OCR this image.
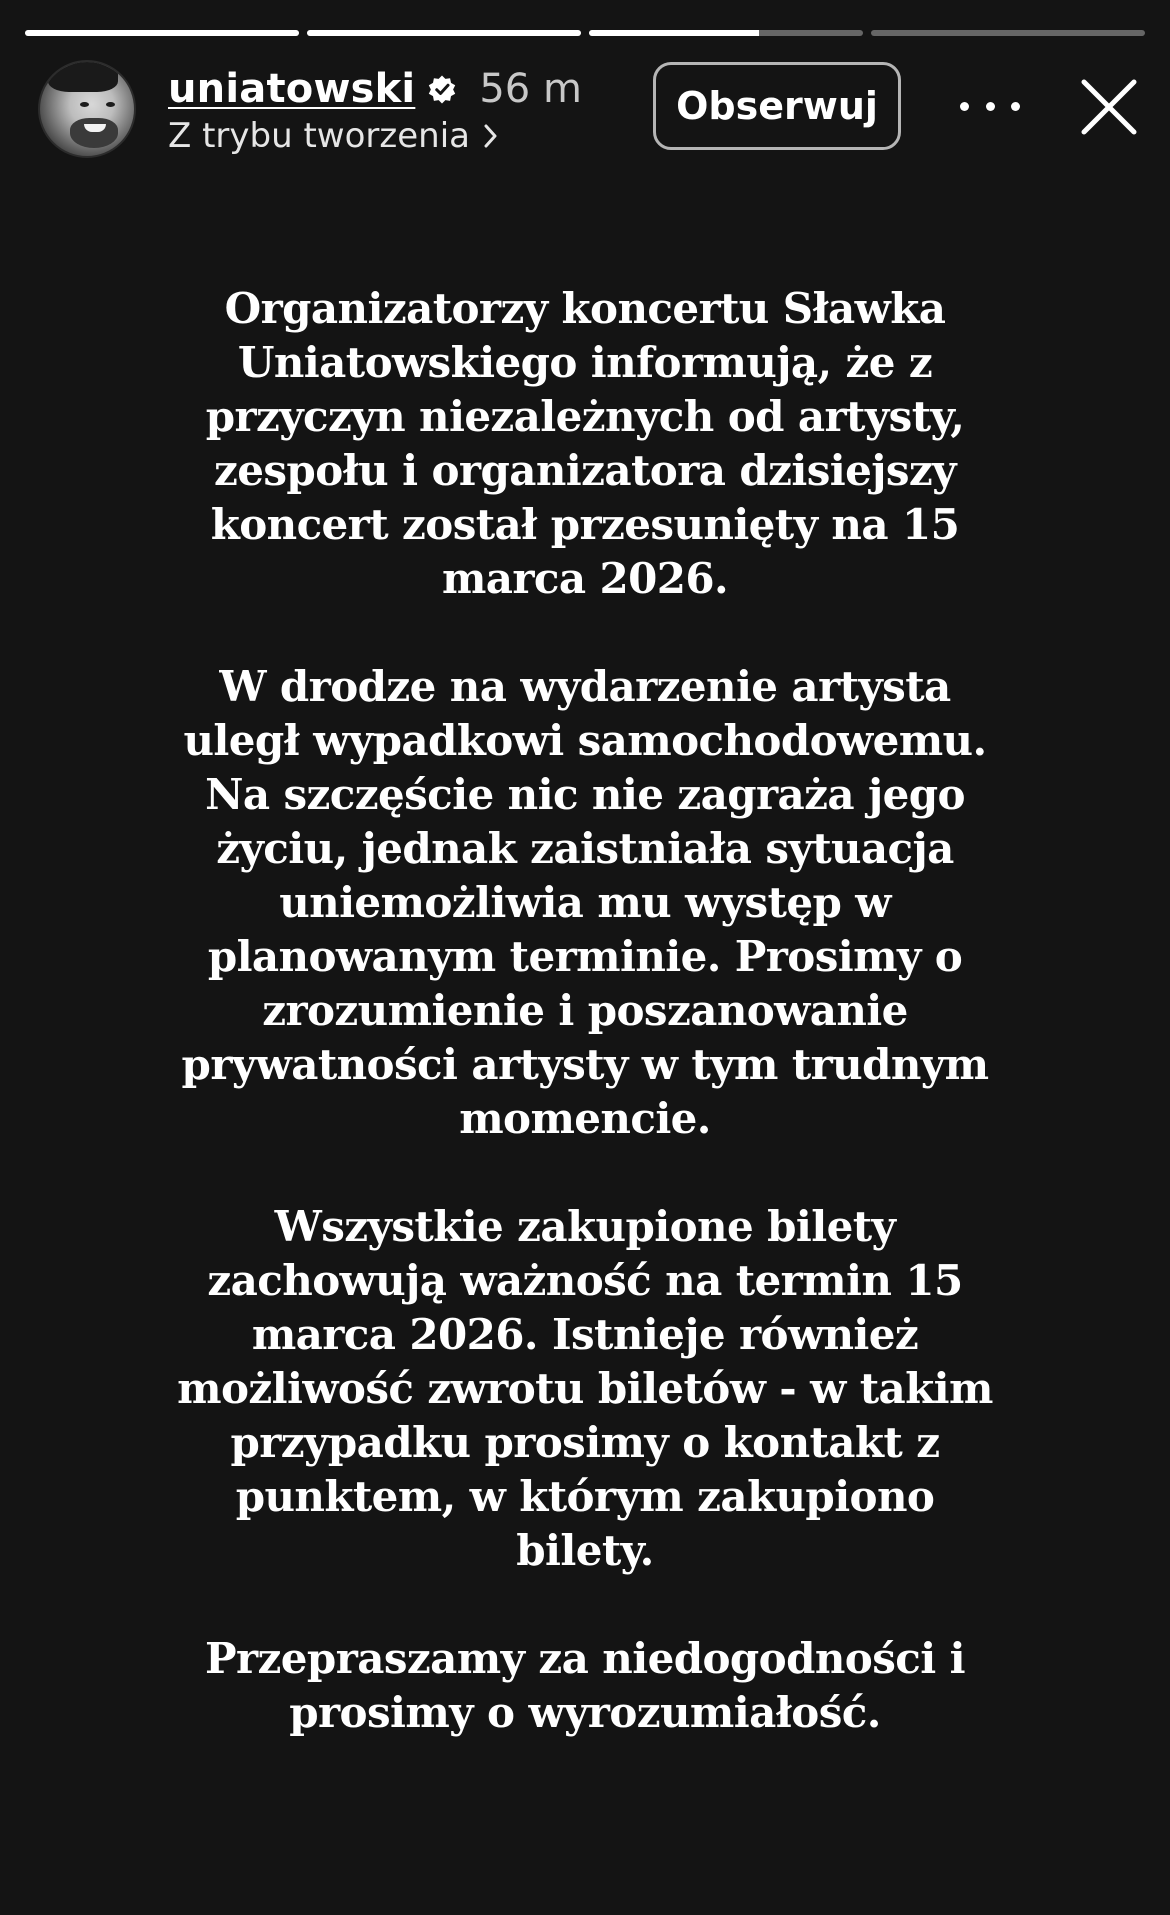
uniatowski 56 m
Z trybu tworzenia
Obserwuj

Organizatorzy koncertu Sławka Uniatowskiego informują, że z przyczyn niezależnych od artysty, zespołu i organizatora dzisiejszy koncert został przesunięty na 15 marca 2026.

W drodze na wydarzenie artysta uległ wypadkowi samochodowemu. Na szczęście nic nie zagraża jego życiu, jednak zaistniała sytuacja uniemożliwia mu występ w planowanym terminie. Prosimy o zrozumienie i poszanowanie prywatności artysty w tym trudnym momencie.

Wszystkie zakupione bilety zachowują ważność na termin 15 marca 2026. Istnieje również możliwość zwrotu biletów - w takim przypadku prosimy o kontakt z punktem, w którym zakupiono bilety.

Przepraszamy za niedogodności i prosimy o wyrozumiałość.
